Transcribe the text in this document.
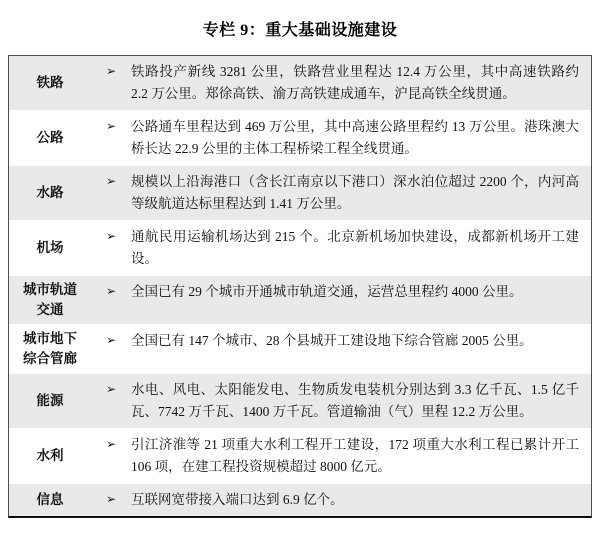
专栏 9：重大基础设施建设
铁路
➢ 铁路投产新线 3281 公里，铁路营业里程达 12.4 万公里，其中高速铁路约 2.2 万公里。郑徐高铁、渝万高铁建成通车，沪昆高铁全线贯通。
公路
➢ 公路通车里程达到 469 万公里，其中高速公路里程约 13 万公里。港珠澳大桥长达 22.9 公里的主体工程桥梁工程全线贯通。
水路
➢ 规模以上沿海港口（含长江南京以下港口）深水泊位超过 2200 个，内河高等级航道达标里程达到 1.41 万公里。
机场
➢ 通航民用运输机场达到 215 个。北京新机场加快建设，成都新机场开工建设。
城市轨道交通
➢ 全国已有 29 个城市开通城市轨道交通，运营总里程约 4000 公里。
城市地下综合管廊
➢ 全国已有 147 个城市、28 个县城开工建设地下综合管廊 2005 公里。
能源
➢ 水电、风电、太阳能发电、生物质发电装机分别达到 3.3 亿千瓦、1.5 亿千瓦、7742 万千瓦、1400 万千瓦。管道输油（气）里程 12.2 万公里。
水利
➢ 引江济淮等 21 项重大水利工程开工建设，172 项重大水利工程已累计开工 106 项，在建工程投资规模超过 8000 亿元。
信息	➢ 互联网宽带接入端口达到 6.9 亿个。
